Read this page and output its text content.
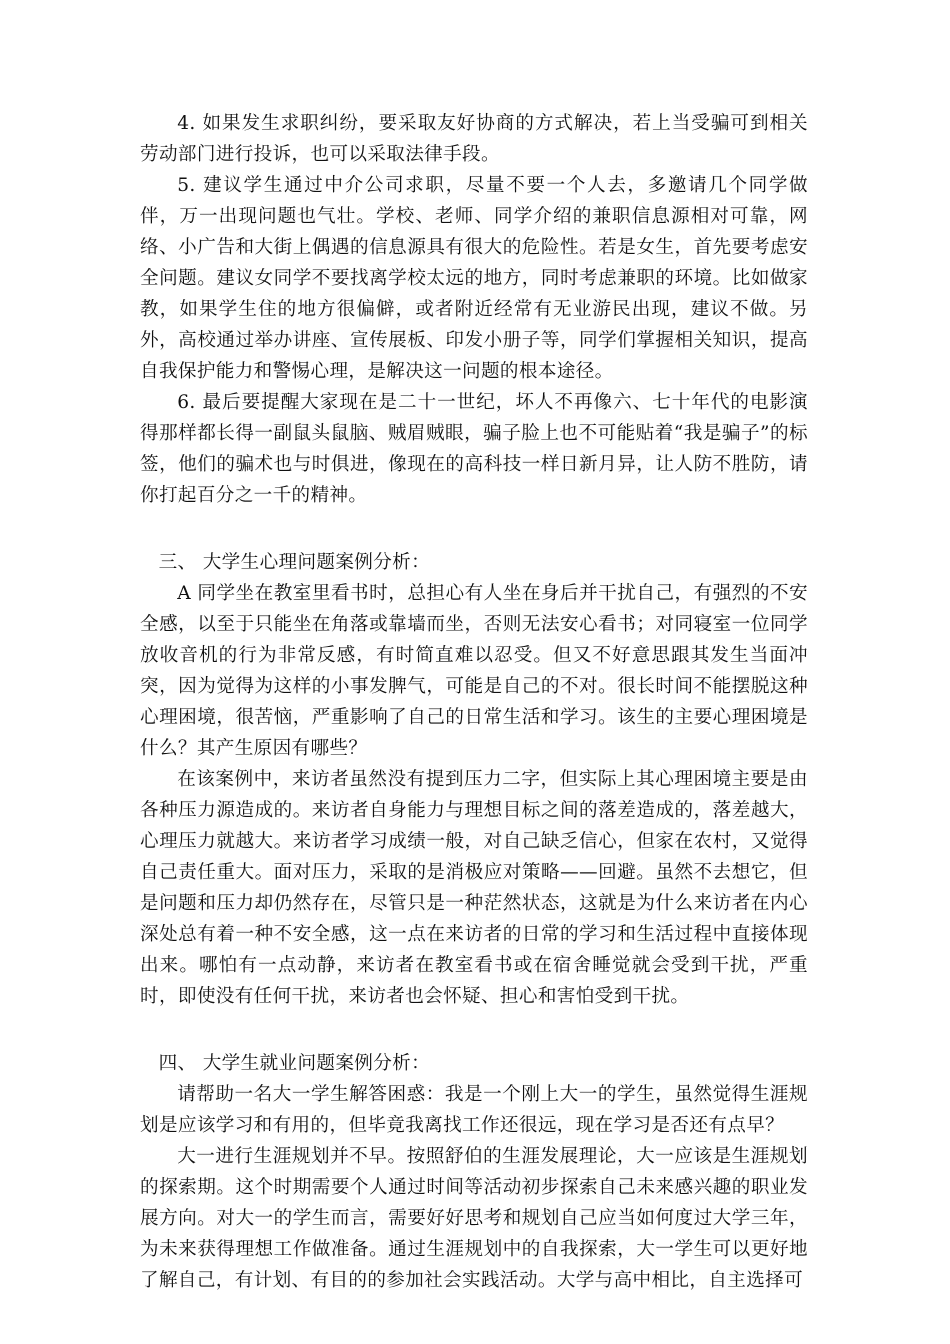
4. 如果发生求职纠纷，要采取友好协商的方式解决，若上当受骗可到相关劳动部门进行投诉，也可以采取法律手段。

5. 建议学生通过中介公司求职，尽量不要一个人去，多邀请几个同学做伴，万一出现问题也气壮。学校、老师、同学介绍的兼职信息源相对可靠，网络、小广告和大街上偶遇的信息源具有很大的危险性。若是女生，首先要考虑安全问题。建议女同学不要找离学校太远的地方，同时考虑兼职的环境。比如做家教，如果学生住的地方很偏僻，或者附近经常有无业游民出现，建议不做。另外，高校通过举办讲座、宣传展板、印发小册子等，同学们掌握相关知识，提高自我保护能力和警惕心理，是解决这一问题的根本途径。

6. 最后要提醒大家现在是二十一世纪，坏人不再像六、七十年代的电影演得那样都长得一副鼠头鼠脑、贼眉贼眼，骗子脸上也不可能贴着“我是骗子”的标签，他们的骗术也与时俱进，像现在的高科技一样日新月异，让人防不胜防，请你打起百分之一千的精神。

三、 大学生心理问题案例分析：

A 同学坐在教室里看书时，总担心有人坐在身后并干扰自己，有强烈的不安全感，以至于只能坐在角落或靠墙而坐，否则无法安心看书；对同寝室一位同学放收音机的行为非常反感，有时简直难以忍受。但又不好意思跟其发生当面冲突，因为觉得为这样的小事发脾气，可能是自己的不对。很长时间不能摆脱这种心理困境，很苦恼，严重影响了自己的日常生活和学习。该生的主要心理困境是什么？其产生原因有哪些？

在该案例中，来访者虽然没有提到压力二字，但实际上其心理困境主要是由各种压力源造成的。来访者自身能力与理想目标之间的落差造成的，落差越大，心理压力就越大。来访者学习成绩一般，对自己缺乏信心，但家在农村，又觉得自己责任重大。面对压力，采取的是消极应对策略——回避。虽然不去想它，但是问题和压力却仍然存在，尽管只是一种茫然状态，这就是为什么来访者在内心深处总有着一种不安全感，这一点在来访者的日常的学习和生活过程中直接体现出来。哪怕有一点动静，来访者在教室看书或在宿舍睡觉就会受到干扰，严重时，即使没有任何干扰，来访者也会怀疑、担心和害怕受到干扰。

四、 大学生就业问题案例分析：

请帮助一名大一学生解答困惑：我是一个刚上大一的学生，虽然觉得生涯规划是应该学习和有用的，但毕竟我离找工作还很远，现在学习是否还有点早？

大一进行生涯规划并不早。按照舒伯的生涯发展理论，大一应该是生涯规划的探索期。这个时期需要个人通过时间等活动初步探索自己未来感兴趣的职业发展方向。对大一的学生而言，需要好好思考和规划自己应当如何度过大学三年，为未来获得理想工作做准备。通过生涯规划中的自我探索，大一学生可以更好地了解自己，有计划、有目的的参加社会实践活动。大学与高中相比，自主选择可
